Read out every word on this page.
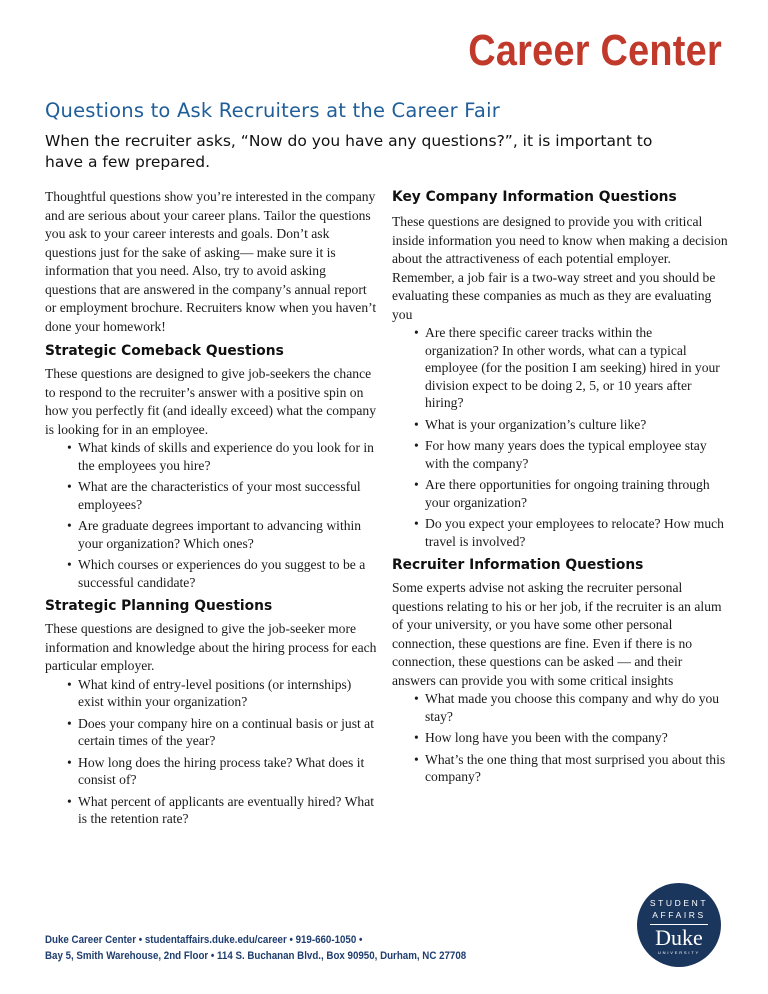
Career Center
Questions to Ask Recruiters at the Career Fair
When the recruiter asks, “Now do you have any questions?”, it is important to have a few prepared.

Thoughtful questions show you’re interested in the company and are serious about your career plans. Tailor the questions you ask to your career interests and goals. Don’t ask questions just for the sake of asking— make sure it is information that you need. Also, try to avoid asking questions that are answered in the company’s annual report or employment brochure. Recruiters know when you haven’t done your homework!

Strategic Comeback Questions

These questions are designed to give job-seekers the chance to respond to the recruiter’s answer with a positive spin on how you perfectly fit (and ideally exceed) what the company is looking for in an employee.

• What kinds of skills and experience do you look for in the employees you hire?
• What are the characteristics of your most successful employees?
• Are graduate degrees important to advancing within your organization? Which ones?
• Which courses or experiences do you suggest to be a successful candidate?
Strategic Planning Questions

These questions are designed to give the job-seeker more information and knowledge about the hiring process for each particular employer.

• What kind of entry-level positions (or internships) exist within your organization?
• Does your company hire on a continual basis or just at certain times of the year?
• How long does the hiring process take? What does it consist of?
• What percent of applicants are eventually hired? What is the retention rate?
Key Company Information Questions

These questions are designed to provide you with critical inside information you need to know when making a decision about the attractiveness of each potential employer. Remember, a job fair is a two-way street and you should be evaluating these companies as much as they are evaluating you

• Are there specific career tracks within the organization? In other words, what can a typical employee (for the position I am seeking) hired in your division expect to be doing 2, 5, or 10 years after hiring?
• What is your organization’s culture like?
• For how many years does the typical employee stay with the company?
• Are there opportunities for ongoing training through your organization?
• Do you expect your employees to relocate? How much travel is involved?
Recruiter Information Questions

Some experts advise not asking the recruiter personal questions relating to his or her job, if the recruiter is an alum of your university, or you have some other personal connection, these questions are fine. Even if there is no connection, these questions can be asked — and their answers can provide you with some critical insights

• What made you choose this company and why do you stay?
• How long have you been with the company?
• What’s the one thing that most surprised you about this company?
Duke Career Center • studentaffairs.duke.edu/career • 919-660-1050 •
Bay 5, Smith Warehouse, 2nd Floor • 114 S. Buchanan Blvd., Box 90950, Durham, NC 27708
STUDENT
AFFAIRS
Duke
UNIVERSITY
